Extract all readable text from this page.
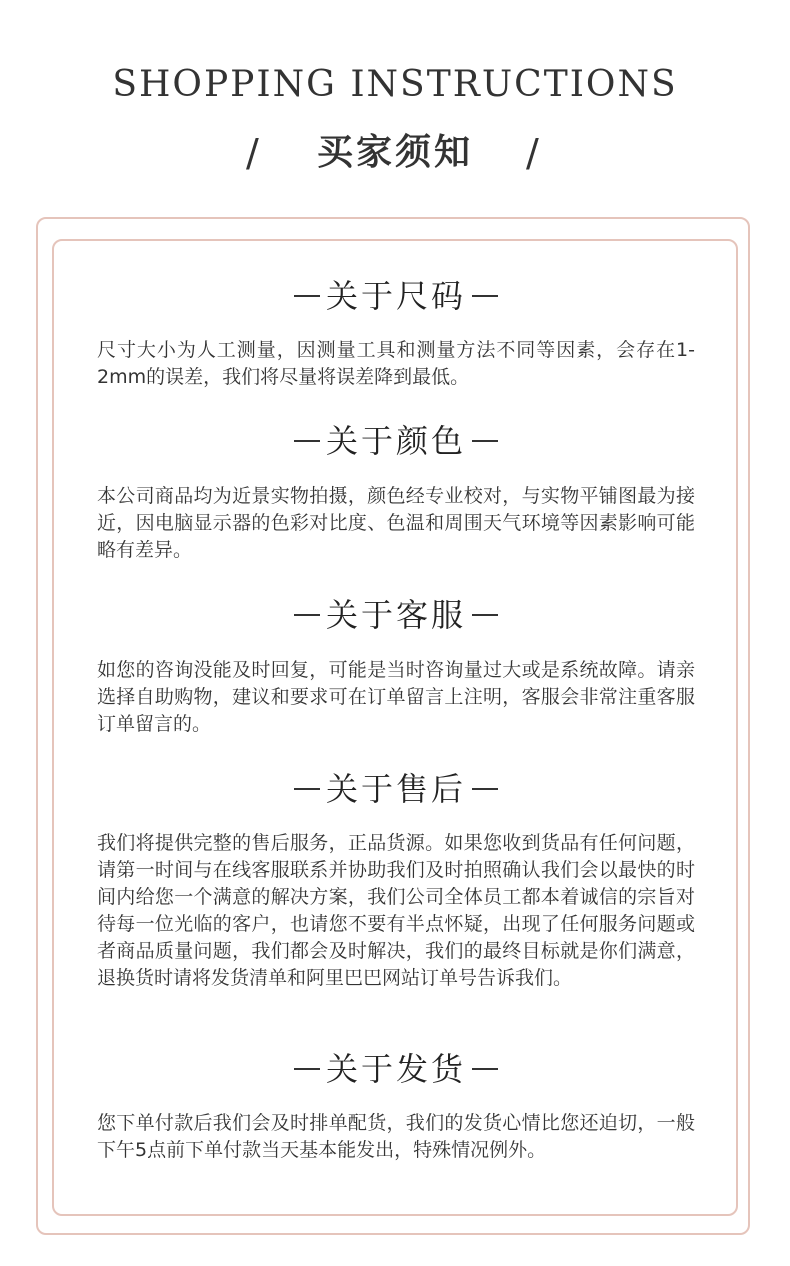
SHOPPING INSTRUCTIONS
/	买家须知	/
关于尺码

尺寸大小为人工测量，因测量工具和测量方法不同等因素，会存在1-2mm的误差，我们将尽量将误差降到最低。

关于颜色

本公司商品均为近景实物拍摄，颜色经专业校对，与实物平铺图最为接近，因电脑显示器的色彩对比度、色温和周围天气环境等因素影响可能略有差异。

关于客服

如您的咨询没能及时回复，可能是当时咨询量过大或是系统故障。请亲选择自助购物，建议和要求可在订单留言上注明，客服会非常注重客服订单留言的。

关于售后

我们将提供完整的售后服务，正品货源。如果您收到货品有任何问题，请第一时间与在线客服联系并协助我们及时拍照确认我们会以最快的时间内给您一个满意的解决方案，我们公司全体员工都本着诚信的宗旨对待每一位光临的客户，也请您不要有半点怀疑，出现了任何服务问题或者商品质量问题，我们都会及时解决，我们的最终目标就是你们满意，退换货时请将发货清单和阿里巴巴网站订单号告诉我们。

关于发货

您下单付款后我们会及时排单配货，我们的发货心情比您还迫切，一般下午5点前下单付款当天基本能发出，特殊情况例外。
